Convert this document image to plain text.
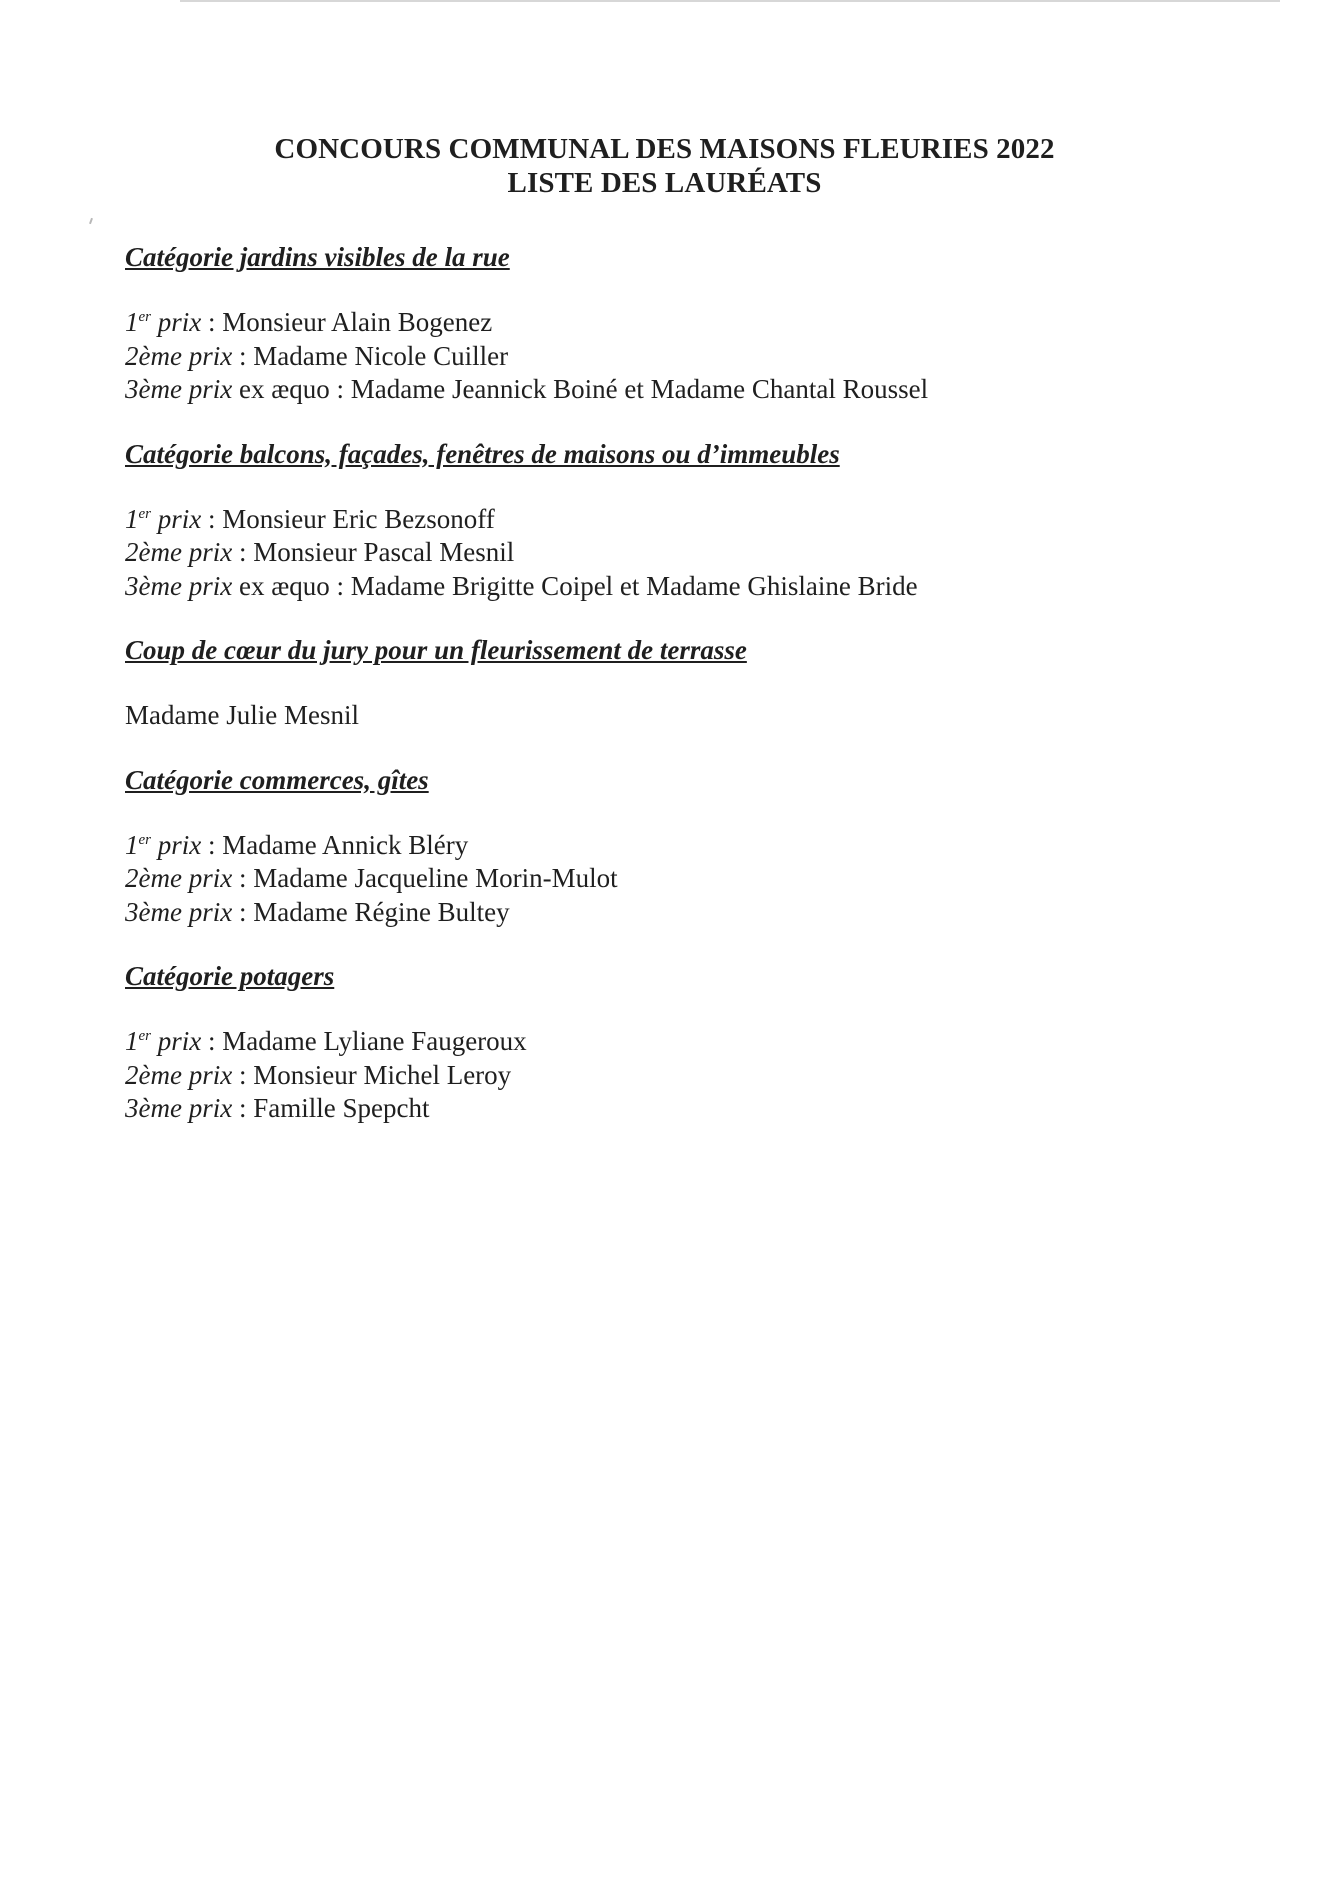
CONCOURS COMMUNAL DES MAISONS FLEURIES 2022
LISTE DES LAURÉATS
Catégorie jardins visibles de la rue
1er prix : Monsieur Alain Bogenez
2ème prix : Madame Nicole Cuiller
3ème prix ex æquo : Madame Jeannick Boiné et Madame Chantal Roussel
Catégorie balcons, façades, fenêtres de maisons ou d’immeubles
1er prix : Monsieur Eric Bezsonoff
2ème prix : Monsieur Pascal Mesnil
3ème prix ex æquo : Madame Brigitte Coipel et Madame Ghislaine Bride
Coup de cœur du jury pour un fleurissement de terrasse
Madame Julie Mesnil
Catégorie commerces, gîtes
1er prix : Madame Annick Bléry
2ème prix : Madame Jacqueline Morin-Mulot
3ème prix : Madame Régine Bultey
Catégorie potagers
1er prix : Madame Lyliane Faugeroux
2ème prix : Monsieur Michel Leroy
3ème prix : Famille Spepcht
